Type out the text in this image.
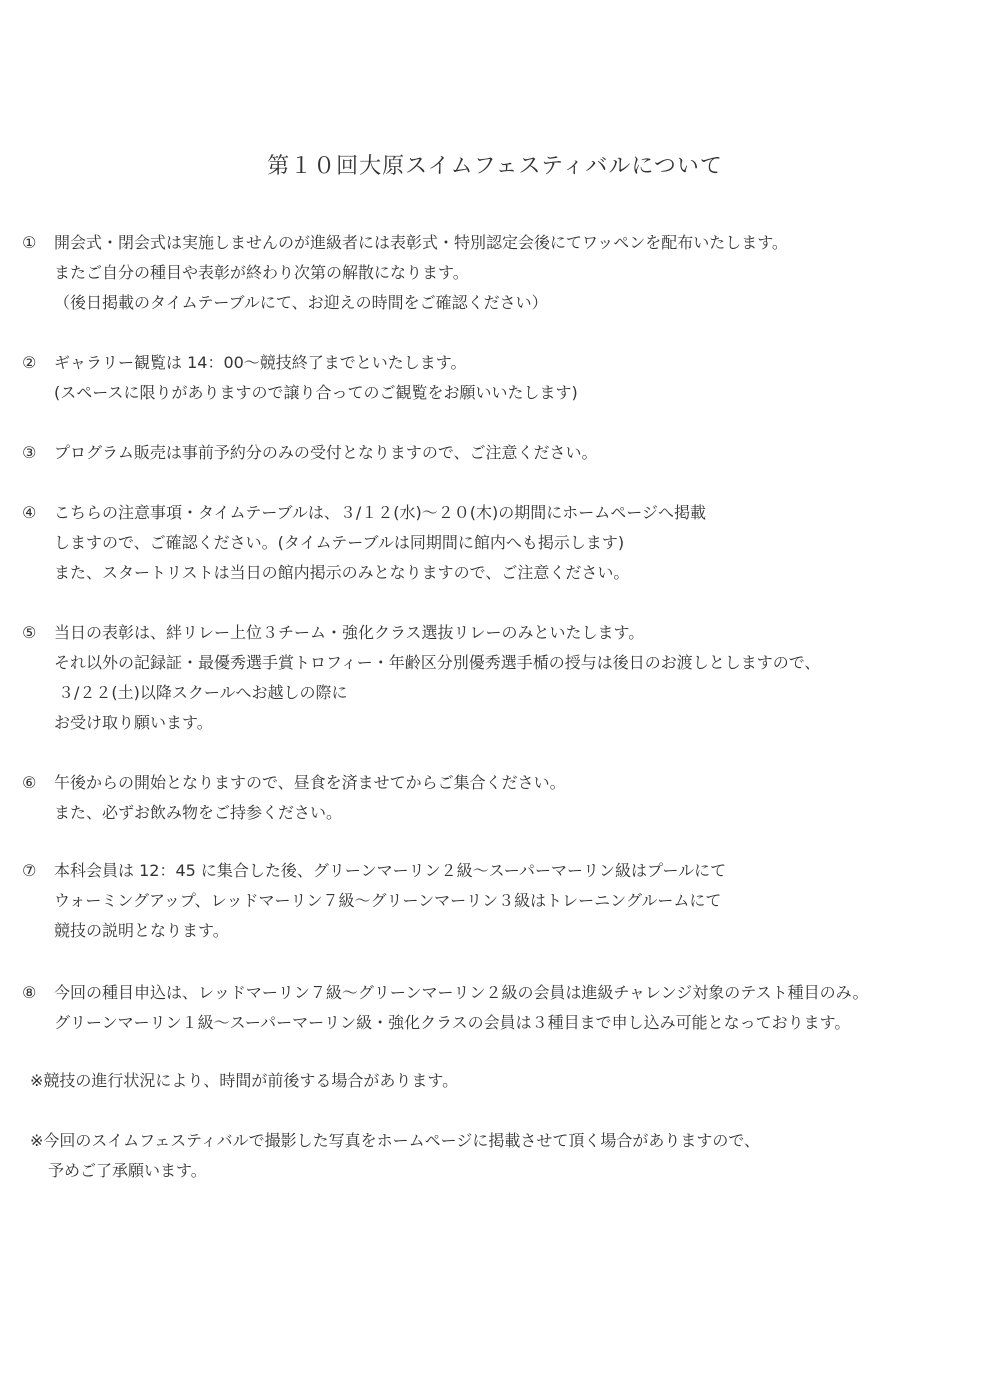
第１０回大原スイムフェスティバルについて
①	開会式・閉会式は実施しませんのが進級者には表彰式・特別認定会後にてワッペンを配布いたします。
またご自分の種目や表彰が終わり次第の解散になります。
（後日掲載のタイムテーブルにて、お迎えの時間をご確認ください）
②	ギャラリー観覧は 14：00～競技終了までといたします。
(スペースに限りがありますので譲り合ってのご観覧をお願いいたします)
③	プログラム販売は事前予約分のみの受付となりますので、ご注意ください。
④	こちらの注意事項・タイムテーブルは、３/１２(水)～２０(木)の期間にホームページへ掲載
しますので、ご確認ください。(タイムテーブルは同期間に館内へも掲示します)
また、スタートリストは当日の館内掲示のみとなりますので、ご注意ください。
⑤	当日の表彰は、絆リレー上位３チーム・強化クラス選抜リレーのみといたします。
それ以外の記録証・最優秀選手賞トロフィー・年齢区分別優秀選手楯の授与は後日のお渡しとしますので、
３/２２(土)以降スクールへお越しの際に
お受け取り願います。
⑥	午後からの開始となりますので、昼食を済ませてからご集合ください。
また、必ずお飲み物をご持参ください。
⑦	本科会員は 12：45 に集合した後、グリーンマーリン２級～スーパーマーリン級はプールにて
ウォーミングアップ、レッドマーリン７級～グリーンマーリン３級はトレーニングルームにて
競技の説明となります。
⑧	今回の種目申込は、レッドマーリン７級～グリーンマーリン２級の会員は進級チャレンジ対象のテスト種目のみ。
グリーンマーリン１級～スーパーマーリン級・強化クラスの会員は３種目まで申し込み可能となっております。
※競技の進行状況により、時間が前後する場合があります。
※今回のスイムフェスティバルで撮影した写真をホームページに掲載させて頂く場合がありますので、
予めご了承願います。
